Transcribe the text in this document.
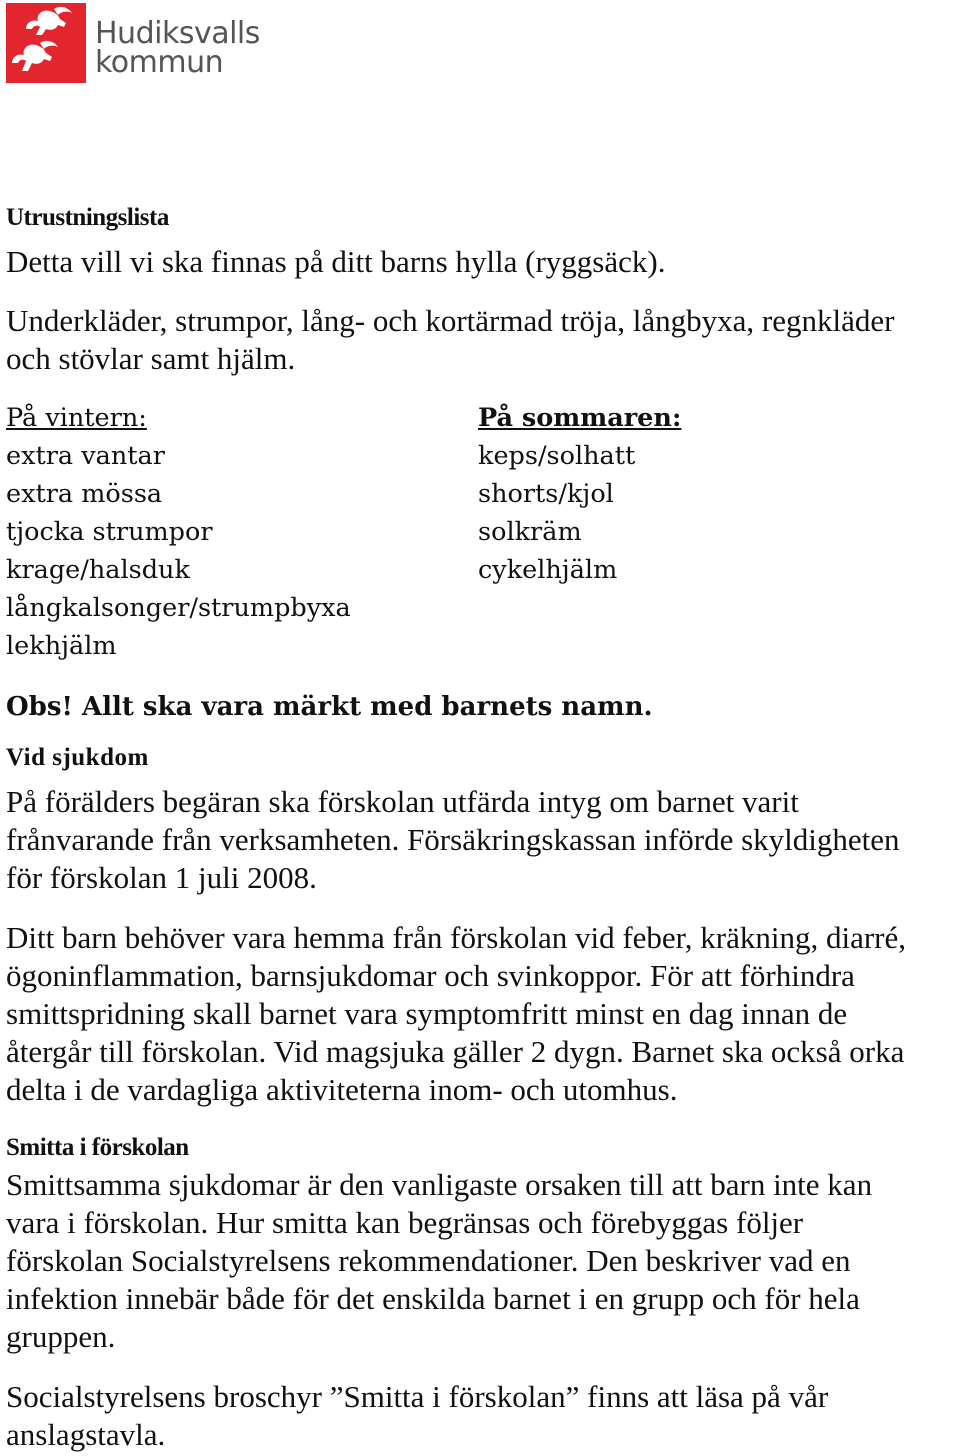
Hudiksvalls
kommun
Utrustningslista

Detta vill vi ska finnas på ditt barns hylla (ryggsäck).

Underkläder, strumpor, lång- och kortärmad tröja, långbyxa, regnkläder

och stövlar samt hjälm.

På vintern:

extra vantar

extra mössa

tjocka strumpor

krage/halsduk

långkalsonger/strumpbyxa

lekhjälm

På sommaren:

keps/solhatt

shorts/kjol

solkräm

cykelhjälm

Obs! Allt ska vara märkt med barnets namn.

Vid sjukdom

På förälders begäran ska förskolan utfärda intyg om barnet varit

frånvarande från verksamheten. Försäkringskassan införde skyldigheten

för förskolan 1 juli 2008.

Ditt barn behöver vara hemma från förskolan vid feber, kräkning, diarré,

ögoninflammation, barnsjukdomar och svinkoppor. För att förhindra

smittspridning skall barnet vara symptomfritt minst en dag innan de

återgår till förskolan. Vid magsjuka gäller 2 dygn. Barnet ska också orka

delta i de vardagliga aktiviteterna inom- och utomhus.

Smitta i förskolan

Smittsamma sjukdomar är den vanligaste orsaken till att barn inte kan

vara i förskolan. Hur smitta kan begränsas och förebyggas följer

förskolan Socialstyrelsens rekommendationer. Den beskriver vad en

infektion innebär både för det enskilda barnet i en grupp och för hela

gruppen.

Socialstyrelsens broschyr ”Smitta i förskolan” finns att läsa på vår

anslagstavla.
